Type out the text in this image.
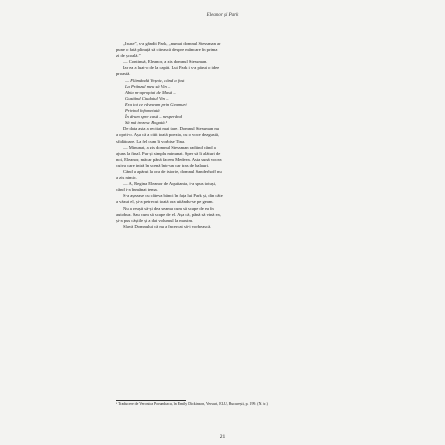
Eleanor și Park

„Isuse”, s-a gândit Park, „numai domnul Stessman ar

pune o fată plinuță să citească despre mâncare în prima

zi de școală.”

— Continuă, Eleanor, a zis domnul Stessman.

Iar ea a luat-o de la capăt. Lui Park i s-a părut o idee

proastă.

— Flămândă Veșnic, când a fost

La Prânzul meu să Vin –

Abia m-apropiai de Masă –

Gustând Ciudatul Vin –

Era tot ce râvneam prin Geamuri

Privind înfometată

În drum spre casă – nesperând

Să mă trezesc Bogată.¹

De data asta a recitat mai tare. Domnul Stessman nu

a oprit-o. Așa că a citit toată poezia, cu o voce dezgustă,

sfidătoare. La fel cum îi vorbise Tina.

— Minunat, a zis domnul Stessman radiind când a

ajuns la final. Pur și simplu minunat. Sper să îi alături de

noi, Eleanor, măcar până facem Medeea. Asta sună vocea

cuiva care intră în scenă într-un car tras de balauri.

Când a apărut la ora de istorie, domnul Sanderhoff nu

a zis nimic.

— A, Regina Eleanor de Aquitania, i-a spus totuși,

când i-a înmânat tema.

S-a așezase cu câteva bănci în fața lui Park și, din câte

a văzut el, și-a petrecut toată ora uitându-se pe geam.

Nu a reușit să-și dea seama cum să scape de ea în

autobuz. Sau cum să scape de el. Așa că, până să vină ea,

și-a pus căștile și a dat volumul la maxim.

Slavă Domnului că nu a încercat să-i vorbească.

¹ Traducere de Veronica Porumbacu, în Emily Dickinson, Versuri, ELU, București, p. 199. (N. tr.)
21
